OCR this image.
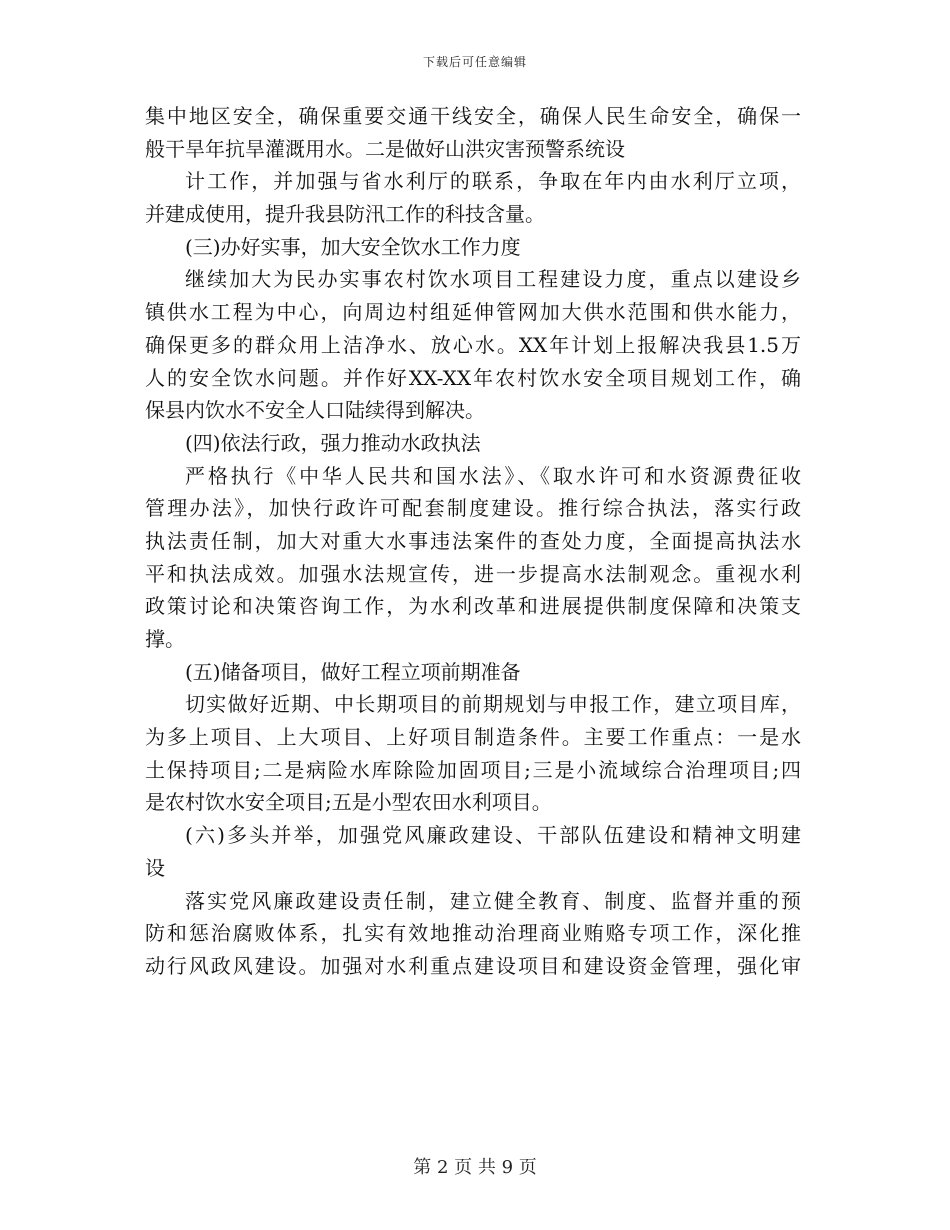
下载后可任意编辑
集中地区安全，确保重要交通干线安全，确保人民生命安全，确保一
般干旱年抗旱灌溉用水。二是做好山洪灾害预警系统设
计工作，并加强与省水利厅的联系，争取在年内由水利厅立项，
并建成使用，提升我县防汛工作的科技含量。
(三)办好实事，加大安全饮水工作力度
继续加大为民办实事农村饮水项目工程建设力度，重点以建设乡
镇供水工程为中心，向周边村组延伸管网加大供水范围和供水能力，
确保更多的群众用上洁净水、放心水。XX年计划上报解决我县1.5万
人的安全饮水问题。并作好XX-XX年农村饮水安全项目规划工作，确
保县内饮水不安全人口陆续得到解决。
(四)依法行政，强力推动水政执法
严格执行《中华人民共和国水法》、《取水许可和水资源费征收
管理办法》，加快行政许可配套制度建设。推行综合执法，落实行政
执法责任制，加大对重大水事违法案件的查处力度，全面提高执法水
平和执法成效。加强水法规宣传，进一步提高水法制观念。重视水利
政策讨论和决策咨询工作，为水利改革和进展提供制度保障和决策支
撑。
(五)储备项目，做好工程立项前期准备
切实做好近期、中长期项目的前期规划与申报工作，建立项目库，
为多上项目、上大项目、上好项目制造条件。主要工作重点：一是水
土保持项目;二是病险水库除险加固项目;三是小流域综合治理项目;四
是农村饮水安全项目;五是小型农田水利项目。
(六)多头并举，加强党风廉政建设、干部队伍建设和精神文明建
设
落实党风廉政建设责任制，建立健全教育、制度、监督并重的预
防和惩治腐败体系，扎实有效地推动治理商业贿赂专项工作，深化推
动行风政风建设。加强对水利重点建设项目和建设资金管理，强化审
第 2 页 共 9 页
